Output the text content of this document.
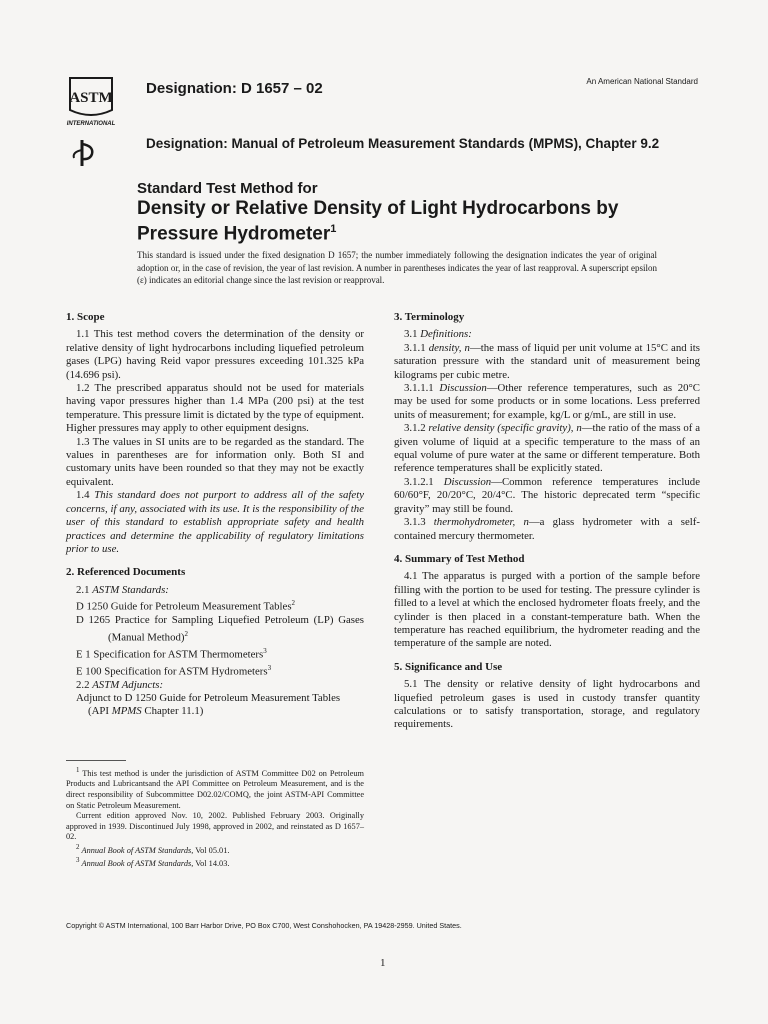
ASTM
INTERNATIONAL
Designation: D 1657 – 02	An American National Standard
Designation: Manual of Petroleum Measurement Standards (MPMS), Chapter 9.2
Standard Test Method for
Density or Relative Density of Light Hydrocarbons by
Pressure Hydrometer$^1$
This standard is issued under the fixed designation D 1657; the number immediately following the designation indicates the year of original adoption or, in the case of revision, the year of last revision. A number in parentheses indicates the year of last reapproval. A superscript epsilon (ε) indicates an editorial change since the last revision or reapproval.
1. Scope

1.1 This test method covers the determination of the density or relative density of light hydrocarbons including liquefied petroleum gases (LPG) having Reid vapor pressures exceeding 101.325 kPa (14.696 psi).

1.2 The prescribed apparatus should not be used for materials having vapor pressures higher than 1.4 MPa (200 psi) at the test temperature. This pressure limit is dictated by the type of equipment. Higher pressures may apply to other equipment designs.

1.3 The values in SI units are to be regarded as the standard. The values in parentheses are for information only. Both SI and customary units have been rounded so that they may not be exactly equivalent.

1.4 This standard does not purport to address all of the safety concerns, if any, associated with its use. It is the responsibility of the user of this standard to establish appropriate safety and health practices and determine the applicability of regulatory limitations prior to use.

2. Referenced Documents

2.1 ASTM Standards:

D 1250 Guide for Petroleum Measurement Tables$^2$

D 1265 Practice for Sampling Liquefied Petroleum (LP) Gases (Manual Method)$^2$

E 1 Specification for ASTM Thermometers$^3$

E 100 Specification for ASTM Hydrometers$^3$

2.2 ASTM Adjuncts:

Adjunct to D 1250 Guide for Petroleum Measurement Tables

(API MPMS Chapter 11.1)

$^1$ This test method is under the jurisdiction of ASTM Committee D02 on Petroleum Products and Lubricantsand the API Committee on Petroleum Measurement, and is the direct responsibility of Subcommittee D02.02/COMQ, the joint ASTM-API Committee on Static Petroleum Measurement.

Current edition approved Nov. 10, 2002. Published February 2003. Originally approved in 1939. Discontinued July 1998, approved in 2002, and reinstated as D 1657–02.

$^2$ Annual Book of ASTM Standards, Vol 05.01.

$^3$ Annual Book of ASTM Standards, Vol 14.03.

3. Terminology

3.1 Definitions:

3.1.1 density, n—the mass of liquid per unit volume at 15°C and its saturation pressure with the standard unit of measurement being kilograms per cubic metre.

3.1.1.1 Discussion—Other reference temperatures, such as 20°C may be used for some products or in some locations. Less preferred units of measurement; for example, kg/L or g/mL, are still in use.

3.1.2 relative density (specific gravity), n—the ratio of the mass of a given volume of liquid at a specific temperature to the mass of an equal volume of pure water at the same or different temperature. Both reference temperatures shall be explicitly stated.

3.1.2.1 Discussion—Common reference temperatures include 60/60°F, 20/20°C, 20/4°C. The historic deprecated term “specific gravity” may still be found.

3.1.3 thermohydrometer, n—a glass hydrometer with a self-contained mercury thermometer.

4. Summary of Test Method

4.1 The apparatus is purged with a portion of the sample before filling with the portion to be used for testing. The pressure cylinder is filled to a level at which the enclosed hydrometer floats freely, and the cylinder is then placed in a constant-temperature bath. When the temperature has reached equilibrium, the hydrometer reading and the temperature of the sample are noted.

5. Significance and Use

5.1 The density or relative density of light hydrocarbons and liquefied petroleum gases is used in custody transfer quantity calculations or to satisfy transportation, storage, and regulatory requirements.

Copyright © ASTM International, 100 Barr Harbor Drive, PO Box C700, West Conshohocken, PA 19428-2959. United States.
1
